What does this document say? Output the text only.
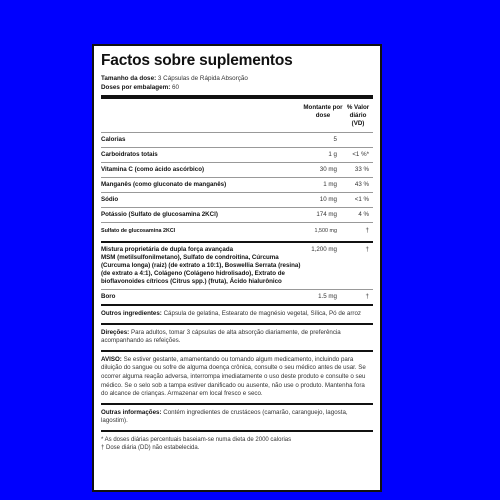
Factos sobre suplementos
Tamanho da dose: 3 Cápsulas de Rápida Absorção
Doses por embalagem: 60
Montante por dose
% Valor diário (VD)
Calorias	5
Carboidratos totais	1 g	<1 %*
Vitamina C (como ácido ascórbico)	30 mg	33 %
Manganês (como gluconato de manganês)	1 mg	43 %
Sódio	10 mg	<1 %
Potássio (Sulfato de glucosamina 2KCl)	174 mg	4 %
Sulfato de glucosamina 2KCl	1,500 mg	†
Mistura proprietária de dupla força avançada
MSM (metilsulfonilmetano), Sulfato de condroitina, Cúrcuma (Curcuma longa) (raiz) (de extrato a 10:1), Boswellia Serrata (resina) (de extrato a 4:1), Colágeno (Colágeno hidrolisado), Extrato de bioflavonoides cítricos (Citrus spp.) (fruta), Ácido hialurônico
1,200 mg	†
Boro	1.5 mg	†
Outros ingredientes: Cápsula de gelatina, Estearato de magnésio vegetal, Sílica, Pó de arroz
Direções: Para adultos, tomar 3 cápsulas de alta absorção diariamente, de preferência acompanhando as refeições.
AVISO: Se estiver gestante, amamentando ou tomando algum medicamento, incluindo para diluição do sangue ou sofre de alguma doença crônica, consulte o seu médico antes de usar. Se ocorrer alguma reação adversa, interrompa imediatamente o uso deste produto e consulte o seu médico. Se o selo sob a tampa estiver danificado ou ausente, não use o produto. Mantenha fora do alcance de crianças. Armazenar em local fresco e seco.
Outras informações: Contém ingredientes de crustáceos (camarão, caranguejo, lagosta, lagostim).
* As doses diárias percentuais baseiam-se numa dieta de 2000 calorias
† Dose diária (DD) não estabelecida.
